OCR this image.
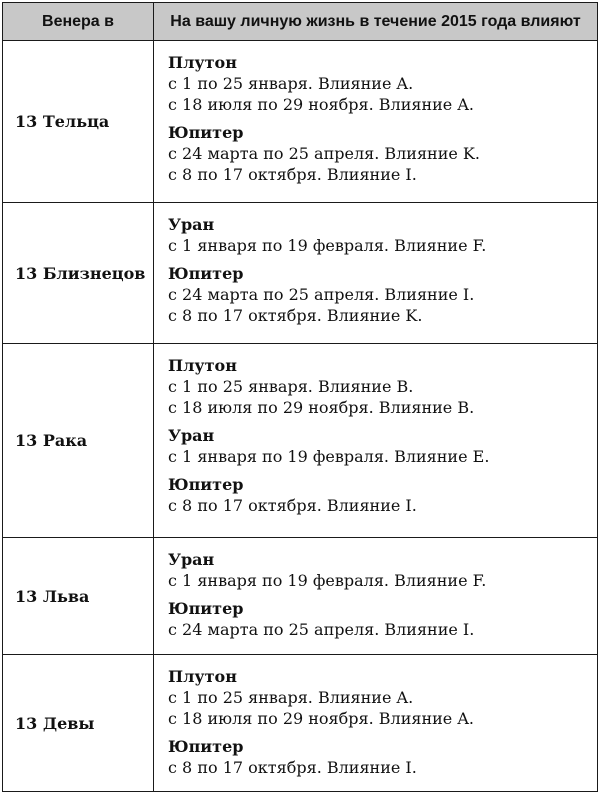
Венера в	На вашу личную жизнь в течение 2015 года влияют
13 Тельца
Плутон
с 1 по 25 января. Влияние A.
с 18 июля по 29 ноября. Влияние A.
Юпитер
с 24 марта по 25 апреля. Влияние K.
с 8 по 17 октября. Влияние I.
13 Близнецов
Уран
с 1 января по 19 февраля. Влияние F.
Юпитер
с 24 марта по 25 апреля. Влияние I.
с 8 по 17 октября. Влияние K.
13 Рака
Плутон
с 1 по 25 января. Влияние B.
с 18 июля по 29 ноября. Влияние B.
Уран
с 1 января по 19 февраля. Влияние E.
Юпитер
с 8 по 17 октября. Влияние I.
13 Льва
Уран
с 1 января по 19 февраля. Влияние F.
Юпитер
с 24 марта по 25 апреля. Влияние I.
13 Девы
Плутон
с 1 по 25 января. Влияние A.
с 18 июля по 29 ноября. Влияние A.
Юпитер
с 8 по 17 октября. Влияние I.
